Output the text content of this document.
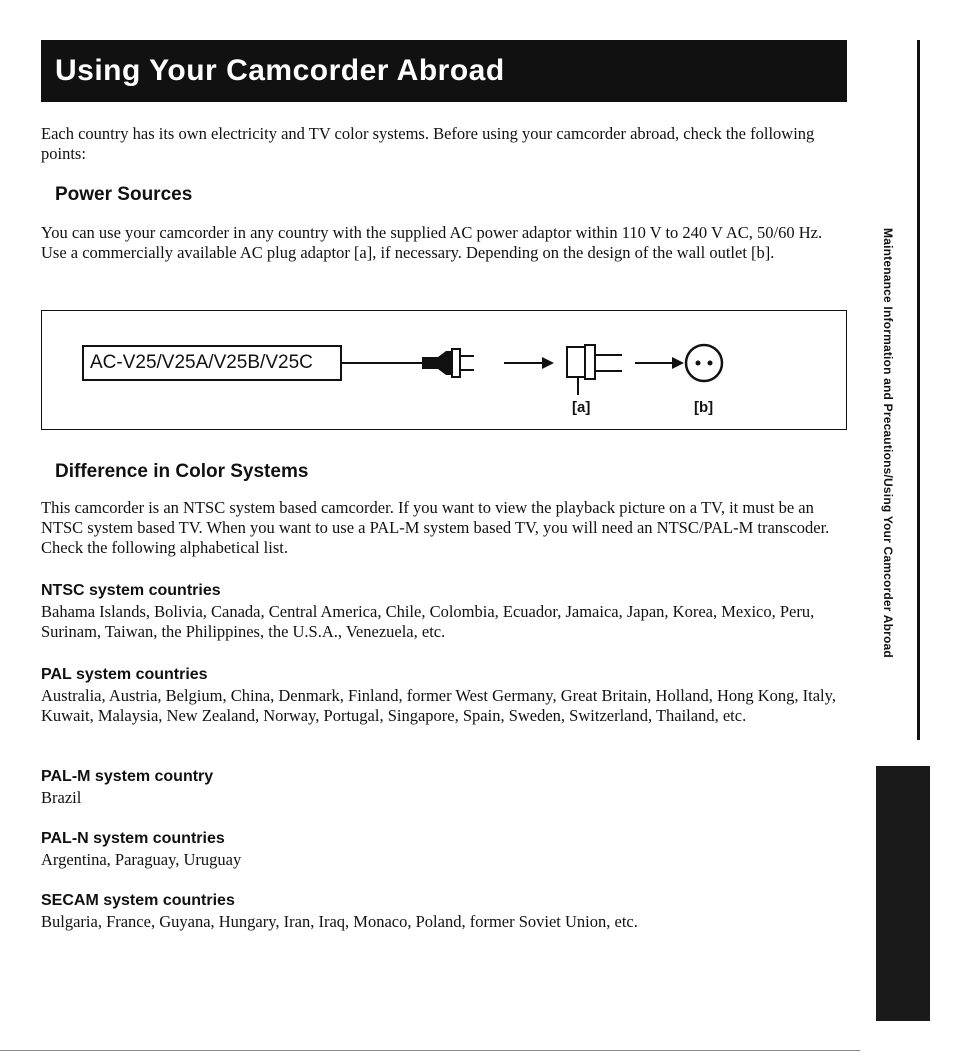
Using Your Camcorder Abroad
Maintenance Information and Precautions/Using Your Camcorder Abroad

Each country has its own electricity and TV color systems. Before using your camcorder abroad, check the following points:

Power Sources

You can use your camcorder in any country with the supplied AC power adaptor within 110 V to 240 V AC, 50/60 Hz. Use a commercially available AC plug adaptor [a], if necessary. Depending on the design of the wall outlet [b].

AC-V25/V25A/V25B/V25C
[a]	[b]
Difference in Color Systems

This camcorder is an NTSC system based camcorder. If you want to view the playback picture on a TV, it must be an NTSC system based TV. When you want to use a PAL-M system based TV, you will need an NTSC/PAL-M transcoder. Check the following alphabetical list.

NTSC system countries

Bahama Islands, Bolivia, Canada, Central America, Chile, Colombia, Ecuador, Jamaica, Japan, Korea, Mexico, Peru, Surinam, Taiwan, the Philippines, the U.S.A., Venezuela, etc.

PAL system countries

Australia, Austria, Belgium, China, Denmark, Finland, former West Germany, Great Britain, Holland, Hong Kong, Italy, Kuwait, Malaysia, New Zealand, Norway, Portugal, Singapore, Spain, Sweden, Switzerland, Thailand, etc.

PAL-M system country

Brazil

PAL-N system countries

Argentina, Paraguay, Uruguay

SECAM system countries

Bulgaria, France, Guyana, Hungary, Iran, Iraq, Monaco, Poland, former Soviet Union, etc.
